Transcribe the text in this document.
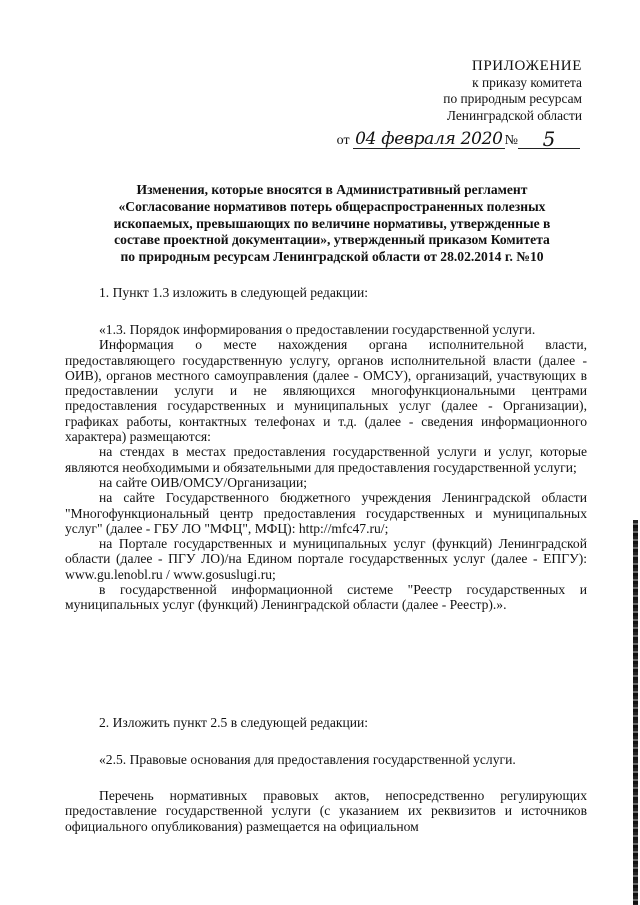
ПРИЛОЖЕНИЕ
к приказу комитета
по природным ресурсам
Ленинградской области
от
04 февраля 2020 №	5
Изменения, которые вносятся в Административный регламент
«Согласование нормативов потерь общераспространенных полезных
ископаемых, превышающих по величине нормативы, утвержденные в
составе проектной документации», утвержденный приказом Комитета
по природным ресурсам Ленинградской области от 28.02.2014 г. №10

1. Пункт 1.3 изложить в следующей редакции:

«1.3. Порядок информирования о предоставлении государственной услуги.

Информация о месте нахождения органа исполнительной власти, предоставляющего государственную услугу, органов исполнительной власти (далее - ОИВ), органов местного самоуправления (далее - ОМСУ), организаций, участвующих в предоставлении услуги и не являющихся многофункциональными центрами предоставления государственных и муниципальных услуг (далее - Организации), графиках работы, контактных телефонах и т.д. (далее - сведения информационного характера) размещаются:

на стендах в местах предоставления государственной услуги и услуг, которые являются необходимыми и обязательными для предоставления государственной услуги;

на сайте ОИВ/ОМСУ/Организации;

на сайте Государственного бюджетного учреждения Ленинградской области "Многофункциональный центр предоставления государственных и муниципальных услуг" (далее - ГБУ ЛО "МФЦ", МФЦ): http://mfc47.ru/;

на Портале государственных и муниципальных услуг (функций) Ленинградской области (далее - ПГУ ЛО)/на Едином портале государственных услуг (далее - ЕПГУ): www.gu.lenobl.ru / www.gosuslugi.ru;

в государственной информационной системе "Реестр государственных и муниципальных услуг (функций) Ленинградской области (далее - Реестр).».

2. Изложить пункт 2.5 в следующей редакции:

«2.5. Правовые основания для предоставления государственной услуги.

Перечень нормативных правовых актов, непосредственно регулирующих предоставление государственной услуги (с указанием их реквизитов и источников официального опубликования) размещается на официальном
